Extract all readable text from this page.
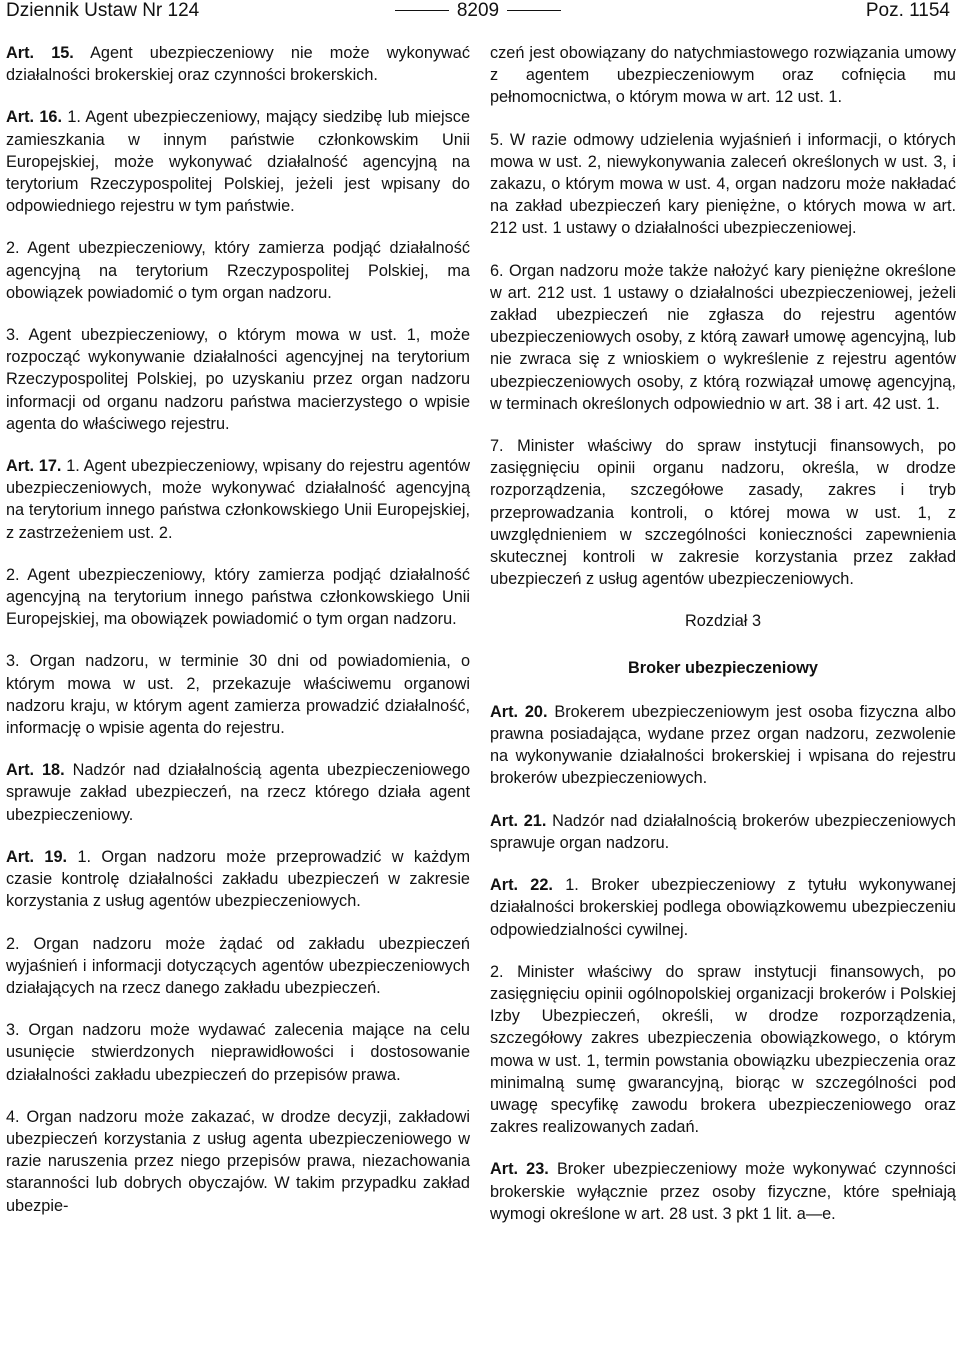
Dziennik Ustaw Nr 124	8209	Poz. 1154

Art. 15. Agent ubezpieczeniowy nie może wykonywać działalności brokerskiej oraz czynności brokerskich.

Art. 16. 1. Agent ubezpieczeniowy, mający siedzibę lub miejsce zamieszkania w innym państwie członkowskim Unii Europejskiej, może wykonywać działalność agencyjną na terytorium Rzeczypospolitej Polskiej, jeżeli jest wpisany do odpowiedniego rejestru w tym państwie.

2. Agent ubezpieczeniowy, który zamierza podjąć działalność agencyjną na terytorium Rzeczypospolitej Polskiej, ma obowiązek powiadomić o tym organ nadzoru.

3. Agent ubezpieczeniowy, o którym mowa w ust. 1, może rozpocząć wykonywanie działalności agencyjnej na terytorium Rzeczypospolitej Polskiej, po uzyskaniu przez organ nadzoru informacji od organu nadzoru państwa macierzystego o wpisie agenta do właściwego rejestru.

Art. 17. 1. Agent ubezpieczeniowy, wpisany do rejestru agentów ubezpieczeniowych, może wykonywać działalność agencyjną na terytorium innego państwa członkowskiego Unii Europejskiej, z zastrzeżeniem ust. 2.

2. Agent ubezpieczeniowy, który zamierza podjąć działalność agencyjną na terytorium innego państwa członkowskiego Unii Europejskiej, ma obowiązek powiadomić o tym organ nadzoru.

3. Organ nadzoru, w terminie 30 dni od powiadomienia, o którym mowa w ust. 2, przekazuje właściwemu organowi nadzoru kraju, w którym agent zamierza prowadzić działalność, informację o wpisie agenta do rejestru.

Art. 18. Nadzór nad działalnością agenta ubezpieczeniowego sprawuje zakład ubezpieczeń, na rzecz którego działa agent ubezpieczeniowy.

Art. 19. 1. Organ nadzoru może przeprowadzić w każdym czasie kontrolę działalności zakładu ubezpieczeń w zakresie korzystania z usług agentów ubezpieczeniowych.

2. Organ nadzoru może żądać od zakładu ubezpieczeń wyjaśnień i informacji dotyczących agentów ubezpieczeniowych działających na rzecz danego zakładu ubezpieczeń.

3. Organ nadzoru może wydawać zalecenia mające na celu usunięcie stwierdzonych nieprawidłowości i dostosowanie działalności zakładu ubezpieczeń do przepisów prawa.

4. Organ nadzoru może zakazać, w drodze decyzji, zakładowi ubezpieczeń korzystania z usług agenta ubezpieczeniowego w razie naruszenia przez niego przepisów prawa, niezachowania staranności lub dobrych obyczajów. W takim przypadku zakład ubezpie-

czeń jest obowiązany do natychmiastowego rozwiązania umowy z agentem ubezpieczeniowym oraz cofnięcia mu pełnomocnictwa, o którym mowa w art. 12 ust. 1.

5. W razie odmowy udzielenia wyjaśnień i informacji, o których mowa w ust. 2, niewykonywania zaleceń określonych w ust. 3, i zakazu, o którym mowa w ust. 4, organ nadzoru może nakładać na zakład ubezpieczeń kary pieniężne, o których mowa w art. 212 ust. 1 ustawy o działalności ubezpieczeniowej.

6. Organ nadzoru może także nałożyć kary pieniężne określone w art. 212 ust. 1 ustawy o działalności ubezpieczeniowej, jeżeli zakład ubezpieczeń nie zgłasza do rejestru agentów ubezpieczeniowych osoby, z którą zawarł umowę agencyjną, lub nie zwraca się z wnioskiem o wykreślenie z rejestru agentów ubezpieczeniowych osoby, z którą rozwiązał umowę agencyjną, w terminach określonych odpowiednio w art. 38 i art. 42 ust. 1.

7. Minister właściwy do spraw instytucji finansowych, po zasięgnięciu opinii organu nadzoru, określa, w drodze rozporządzenia, szczegółowe zasady, zakres i tryb przeprowadzania kontroli, o której mowa w ust. 1, z uwzględnieniem w szczególności konieczności zapewnienia skutecznej kontroli w zakresie korzystania przez zakład ubezpieczeń z usług agentów ubezpieczeniowych.

Rozdział 3

Broker ubezpieczeniowy

Art. 20. Brokerem ubezpieczeniowym jest osoba fizyczna albo prawna posiadająca, wydane przez organ nadzoru, zezwolenie na wykonywanie działalności brokerskiej i wpisana do rejestru brokerów ubezpieczeniowych.

Art. 21. Nadzór nad działalnością brokerów ubezpieczeniowych sprawuje organ nadzoru.

Art. 22. 1. Broker ubezpieczeniowy z tytułu wykonywanej działalności brokerskiej podlega obowiązkowemu ubezpieczeniu odpowiedzialności cywilnej.

2. Minister właściwy do spraw instytucji finansowych, po zasięgnięciu opinii ogólnopolskiej organizacji brokerów i Polskiej Izby Ubezpieczeń, określi, w drodze rozporządzenia, szczegółowy zakres ubezpieczenia obowiązkowego, o którym mowa w ust. 1, termin powstania obowiązku ubezpieczenia oraz minimalną sumę gwarancyjną, biorąc w szczególności pod uwagę specyfikę zawodu brokera ubezpieczeniowego oraz zakres realizowanych zadań.

Art. 23. Broker ubezpieczeniowy może wykonywać czynności brokerskie wyłącznie przez osoby fizyczne, które spełniają wymogi określone w art. 28 ust. 3 pkt 1 lit. a—e.
